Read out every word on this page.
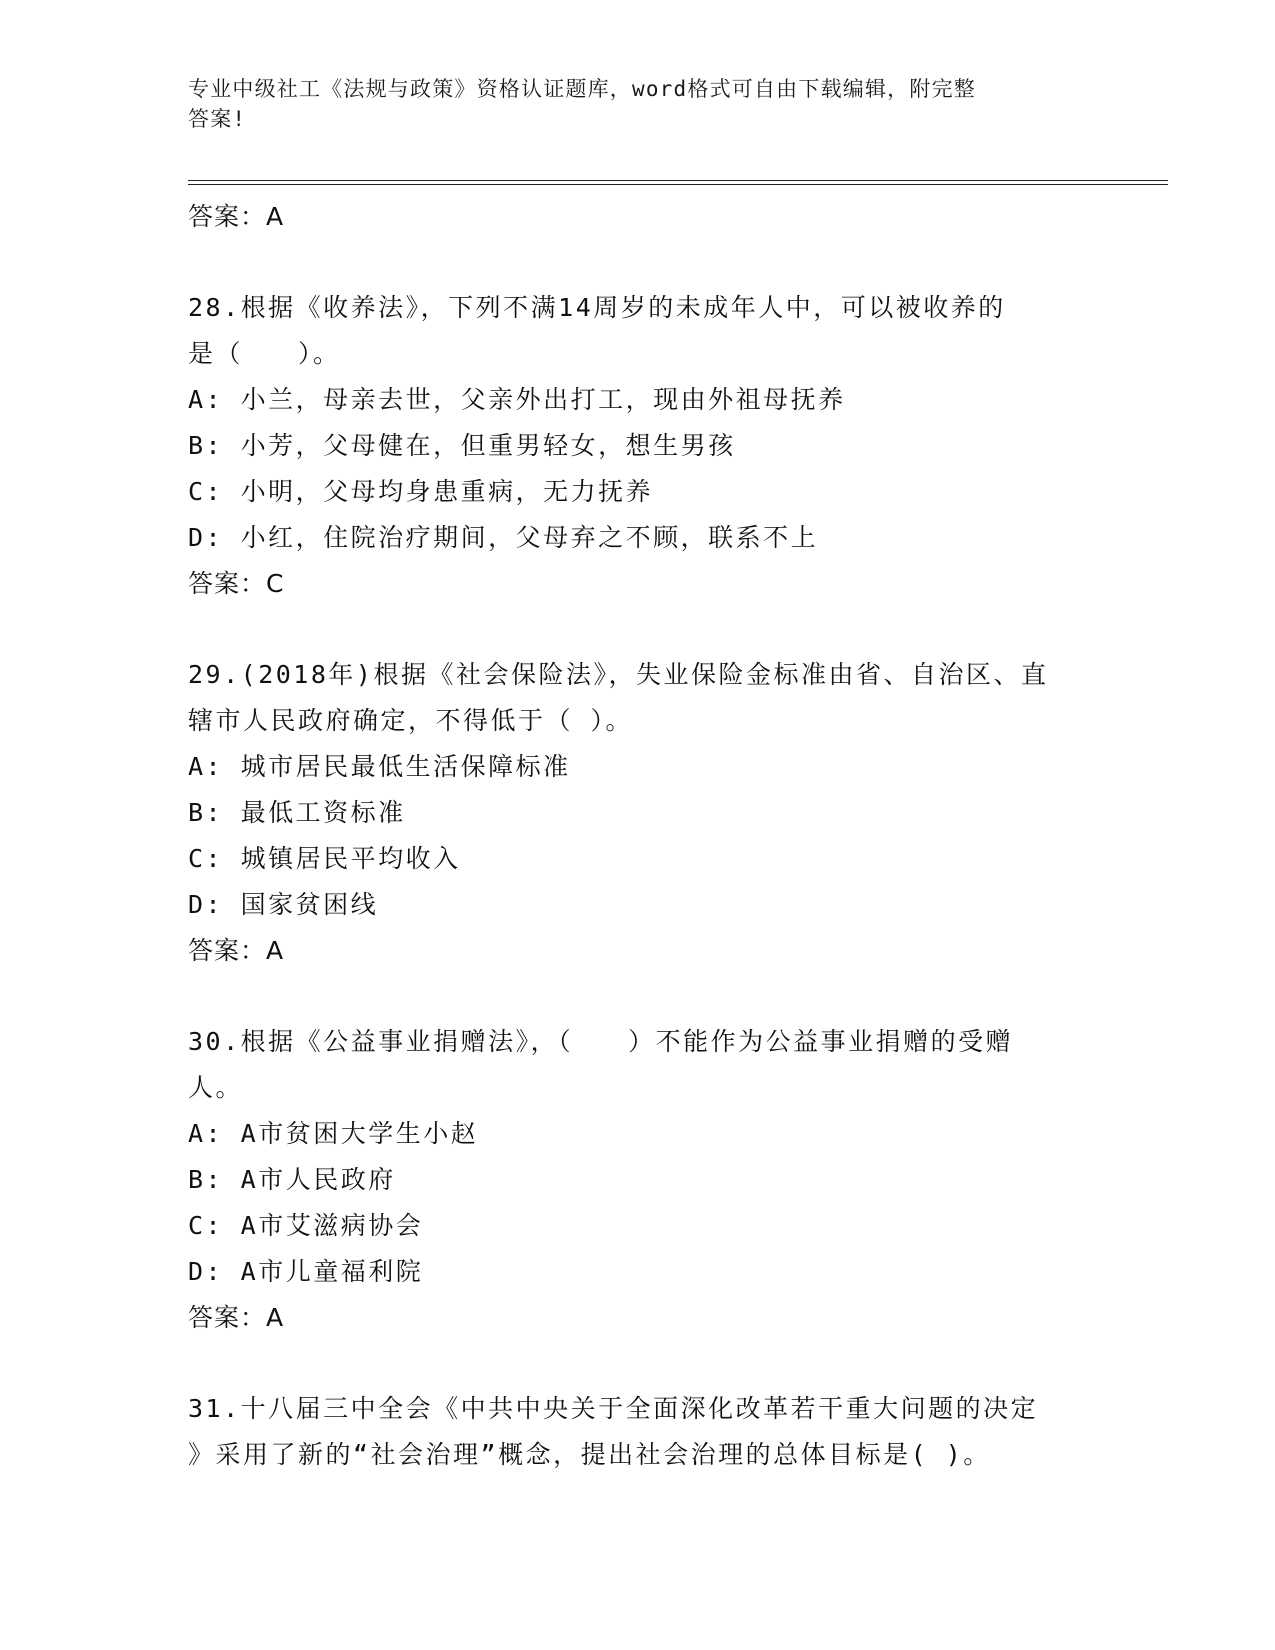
专业中级社工《法规与政策》资格认证题库，word格式可自由下载编辑，附完整
答案!
答案：A
28.根据《收养法》，下列不满14周岁的未成年人中，可以被收养的
是（　　）。
A: 小兰，母亲去世，父亲外出打工，现由外祖母抚养
B: 小芳，父母健在，但重男轻女，想生男孩
C: 小明，父母均身患重病，无力抚养
D: 小红，住院治疗期间，父母弃之不顾，联系不上
答案：C
29.(2018年)根据《社会保险法》，失业保险金标准由省、自治区、直
辖市人民政府确定，不得低于（ ）。
A: 城市居民最低生活保障标准
B: 最低工资标准
C: 城镇居民平均收入
D: 国家贫困线
答案：A
30.根据《公益事业捐赠法》，（　　）不能作为公益事业捐赠的受赠
人。
A: A市贫困大学生小赵
B: A市人民政府
C: A市艾滋病协会
D: A市儿童福利院
答案：A
31.十八届三中全会《中共中央关于全面深化改革若干重大问题的决定
》采用了新的“社会治理”概念，提出社会治理的总体目标是( )。
